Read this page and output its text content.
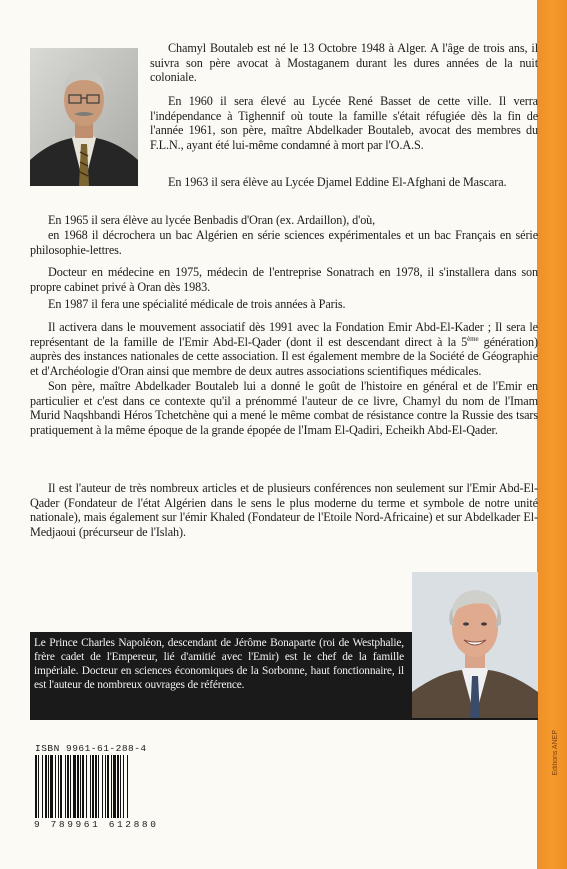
Editions ANEP

Chamyl Boutaleb est né le 13 Octobre 1948 à Alger. A l'âge de trois ans, il suivra son père avocat à Mostaganem durant les dures années de la nuit coloniale.

En 1960 il sera élevé au Lycée René Basset de cette ville. Il verra l'indépendance à Tighennif où toute la famille s'était réfugiée dès la fin de l'année 1961, son père, maître Abdelkader Boutaleb, avocat des membres du F.L.N., ayant été lui-même condamné à mort par l'O.A.S.

En 1963 il sera élève au Lycée Djamel Eddine El-Afghani de Mascara.

En 1965 il sera élève au lycée Benbadis d'Oran (ex. Ardaillon), d'où,

en 1968 il décrochera un bac Algérien en série sciences expérimentales et un bac Français en série philosophie-lettres.

Docteur en médecine en 1975, médecin de l'entreprise Sonatrach en 1978, il s'installera dans son propre cabinet privé à Oran dès 1983.

En 1987 il fera une spécialité médicale de trois années à Paris.

Il activera dans le mouvement associatif dès 1991 avec la Fondation Emir Abd-El-Kader ; Il sera le représentant de la famille de l'Emir Abd-El-Qader (dont il est descendant direct à la 5ème génération) auprès des instances nationales de cette association. Il est également membre de la Société de Géographie et d'Archéologie d'Oran ainsi que membre de deux autres associations scientifiques médicales.

Son père, maître Abdelkader Boutaleb lui a donné le goût de l'histoire en général et de l'Emir en particulier et c'est dans ce contexte qu'il a prénommé l'auteur de ce livre, Chamyl du nom de l'Imam Murid Naqshbandi Héros Tchetchène qui a mené le même combat de résistance contre la Russie des tsars pratiquement à la même époque de la grande épopée de l'Imam El-Qadiri, Echeikh Abd-El-Qader.

Il est l'auteur de très nombreux articles et de plusieurs conférences non seulement sur l'Emir Abd-El-Qader (Fondateur de l'état Algérien dans le sens le plus moderne du terme et symbole de notre unité nationale), mais également sur l'émir Khaled (Fondateur de l'Etoile Nord-Africaine) et sur Abdelkader El-Medjaoui (précurseur de l'Islah).

Le Prince Charles Napoléon, descendant de Jérôme Bonaparte (roi de Westphalie, frère cadet de l'Empereur, lié d'amitié avec l'Emir) est le chef de la famille impériale. Docteur en sciences économiques de la Sorbonne, haut fonctionnaire, il est l'auteur de nombreux ouvrages de référence.

ISBN 9961-61-288-4
9 789961 612880
